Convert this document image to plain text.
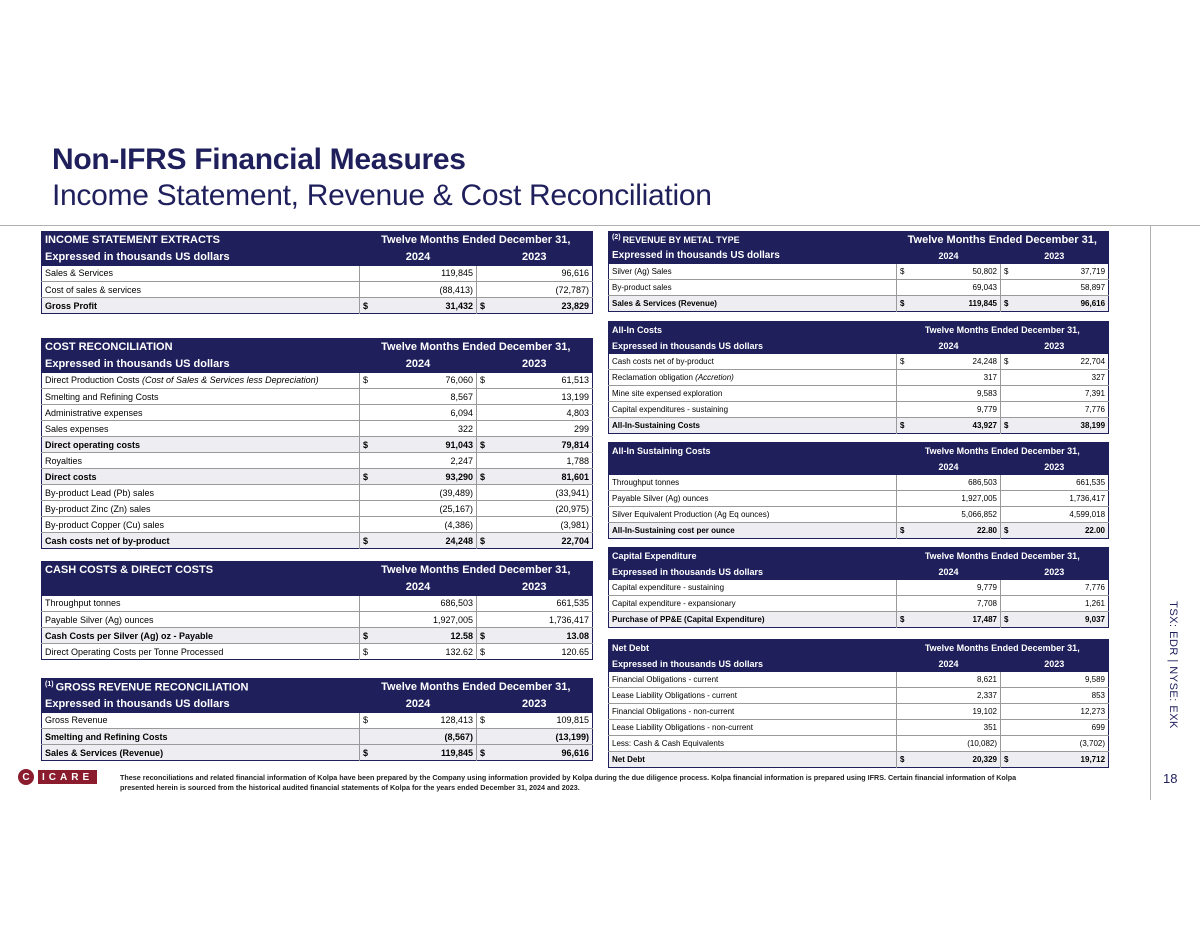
Non-IFRS Financial Measures
Income Statement, Revenue & Cost Reconciliation
TSX: EDR | NYSE: EXK
18
INCOME STATEMENT EXTRACTS	Twelve Months Ended December 31,			
Expressed in thousands US dollars	2024		2023	
Sales & Services		119,845		96,616
Cost of sales & services		(88,413)		(72,787)
Gross Profit	$	31,432	$	23,829
COST RECONCILIATION	Twelve Months Ended December 31,			
Expressed in thousands US dollars	2024		2023	
Direct Production Costs (Cost of Sales & Services less Depreciation)	$	76,060	$	61,513
Smelting and Refining Costs		8,567		13,199
Administrative expenses		6,094		4,803
Sales expenses		322		299
Direct operating costs	$	91,043	$	79,814
Royalties		2,247		1,788
Direct costs	$	93,290	$	81,601
By-product Lead (Pb) sales		(39,489)		(33,941)
By-product Zinc (Zn) sales		(25,167)		(20,975)
By-product Copper (Cu) sales		(4,386)		(3,981)
Cash costs net of by-product	$	24,248	$	22,704
CASH COSTS & DIRECT COSTS	Twelve Months Ended December 31,			
	2024		2023	
Throughput tonnes		686,503		661,535
Payable Silver (Ag) ounces		1,927,005		1,736,417
Cash Costs per Silver (Ag) oz - Payable	$	12.58	$	13.08
Direct Operating Costs per Tonne Processed	$	132.62	$	120.65
$^{(1)}$ GROSS REVENUE RECONCILIATION	Twelve Months Ended December 31,			
Expressed in thousands US dollars	2024		2023	
Gross Revenue	$	128,413	$	109,815
Smelting and Refining Costs		(8,567)		(13,199)
Sales & Services (Revenue)	$	119,845	$	96,616
$^{(2)}$ REVENUE BY METAL TYPE	Twelve Months Ended December 31,			
Expressed in thousands US dollars	2024		2023	
Silver (Ag) Sales	$	50,802	$	37,719
By-product sales		69,043		58,897
Sales & Services (Revenue)	$	119,845	$	96,616
All-In Costs	Twelve Months Ended December 31,			
Expressed in thousands US dollars	2024		2023	
Cash costs net of by-product	$	24,248	$	22,704
Reclamation obligation (Accretion)		317		327
Mine site expensed exploration		9,583		7,391
Capital expenditures - sustaining		9,779		7,776
All-In-Sustaining Costs	$	43,927	$	38,199
All-In Sustaining Costs	Twelve Months Ended December 31,			
	2024		2023	
Throughput tonnes		686,503		661,535
Payable Silver (Ag) ounces		1,927,005		1,736,417
Silver Equivalent Production (Ag Eq ounces)		5,066,852		4,599,018
All-In-Sustaining cost per ounce	$	22.80	$	22.00
Capital Expenditure	Twelve Months Ended December 31,			
Expressed in thousands US dollars	2024		2023	
Capital expenditure - sustaining		9,779		7,776
Capital expenditure - expansionary		7,708		1,261
Purchase of PP&E (Capital Expenditure)	$	17,487	$	9,037
Net Debt	Twelve Months Ended December 31,			
Expressed in thousands US dollars	2024		2023	
Financial Obligations - current		8,621		9,589
Lease Liability Obligations - current		2,337		853
Financial Obligations - non-current		19,102		12,273
Lease Liability Obligations - non-current		351		699
Less: Cash & Cash Equivalents		(10,082)		(3,702)
Net Debt	$	20,329	$	19,712
C	ICARE	These reconciliations and related financial information of Kolpa have been prepared by the Company using information provided by Kolpa during the due diligence process. Kolpa financial information is prepared using IFRS. Certain financial information of Kolpa presented herein is sourced from the historical audited financial statements of Kolpa for the years ended December 31, 2024 and 2023.
